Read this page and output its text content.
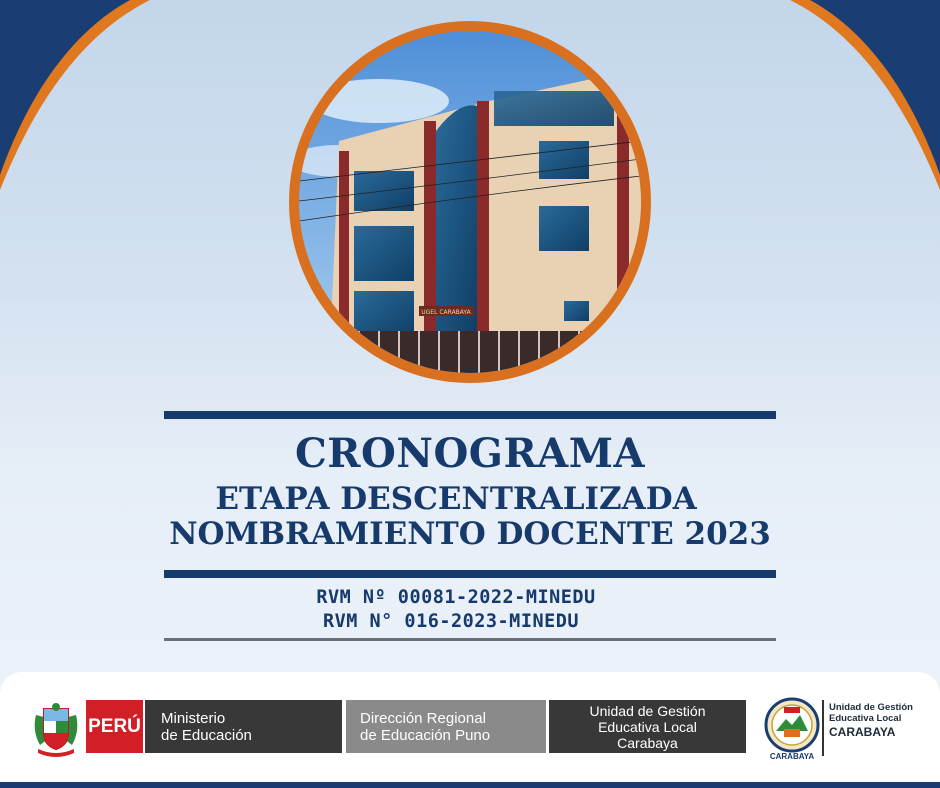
UGEL CARABAYA
CRONOGRAMA
ETAPA DESCENTRALIZADA
NOMBRAMIENTO DOCENTE 2023
RVM Nº 00081-2022-MINEDU
RVM N° 016-2023-MINEDU
PERÚ Ministerio
de Educación
Dirección Regional
de Educación Puno
Unidad de Gestión
Educativa Local
Carabaya
CARABAYA
Unidad de Gestión
Educativa Local
CARABAYA
